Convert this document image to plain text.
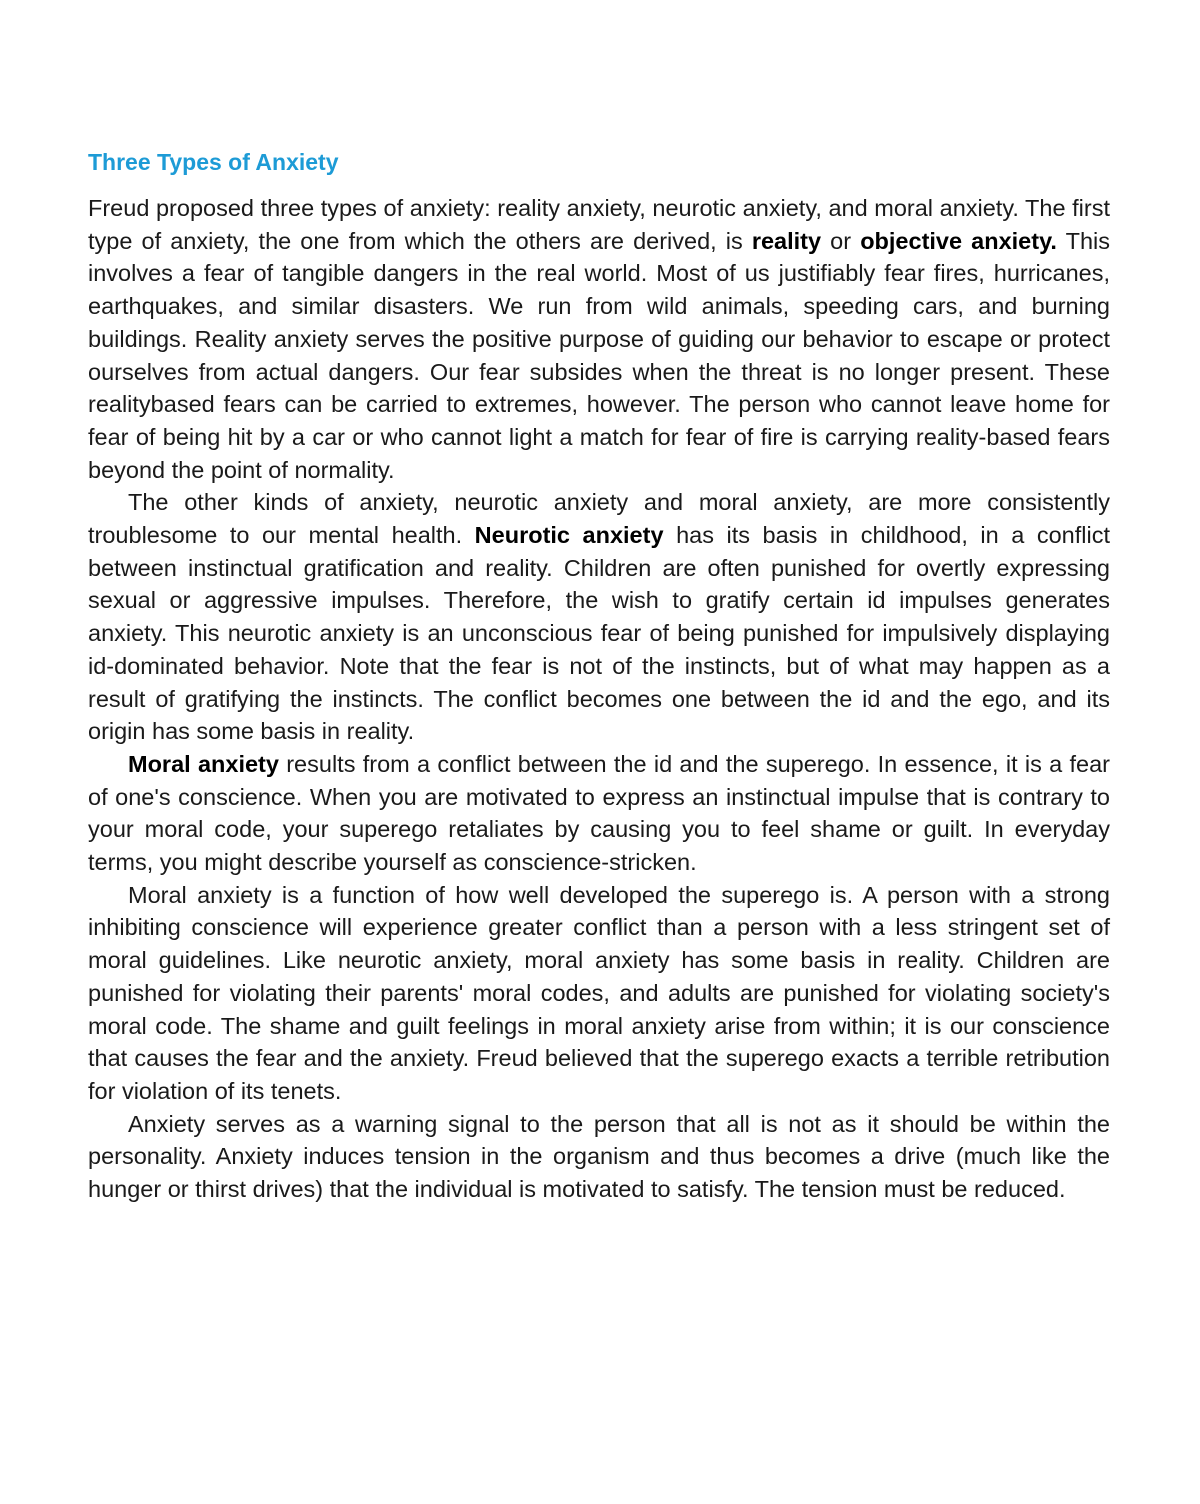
Three Types of Anxiety

Freud proposed three types of anxiety: reality anxiety, neurotic anxiety, and moral anxiety. The first type of anxiety, the one from which the others are derived, is reality or objective anxiety. This involves a fear of tangible dangers in the real world. Most of us justifiably fear fires, hurricanes, earthquakes, and similar disasters. We run from wild animals, speeding cars, and burning buildings. Reality anxiety serves the positive purpose of guiding our behavior to escape or protect ourselves from actual dangers. Our fear subsides when the threat is no longer present. These realitybased fears can be carried to extremes, however. The person who cannot leave home for fear of being hit by a car or who cannot light a match for fear of fire is carrying reality-based fears beyond the point of normality.

The other kinds of anxiety, neurotic anxiety and moral anxiety, are more consistently troublesome to our mental health. Neurotic anxiety has its basis in childhood, in a conflict between instinctual gratification and reality. Children are often punished for overtly expressing sexual or aggressive impulses. Therefore, the wish to gratify certain id impulses generates anxiety. This neurotic anxiety is an unconscious fear of being punished for impulsively displaying id-dominated behavior. Note that the fear is not of the instincts, but of what may happen as a result of gratifying the instincts. The conflict becomes one between the id and the ego, and its origin has some basis in reality.

Moral anxiety results from a conflict between the id and the superego. In essence, it is a fear of one's conscience. When you are motivated to express an instinctual impulse that is contrary to your moral code, your superego retaliates by causing you to feel shame or guilt. In everyday terms, you might describe yourself as conscience-stricken.

Moral anxiety is a function of how well developed the superego is. A person with a strong inhibiting conscience will experience greater conflict than a person with a less stringent set of moral guidelines. Like neurotic anxiety, moral anxiety has some basis in reality. Children are punished for violating their parents' moral codes, and adults are punished for violating society's moral code. The shame and guilt feelings in moral anxiety arise from within; it is our conscience that causes the fear and the anxiety. Freud believed that the superego exacts a terrible retribution for violation of its tenets.

Anxiety serves as a warning signal to the person that all is not as it should be within the personality. Anxiety induces tension in the organism and thus becomes a drive (much like the hunger or thirst drives) that the individual is motivated to satisfy. The tension must be reduced.
